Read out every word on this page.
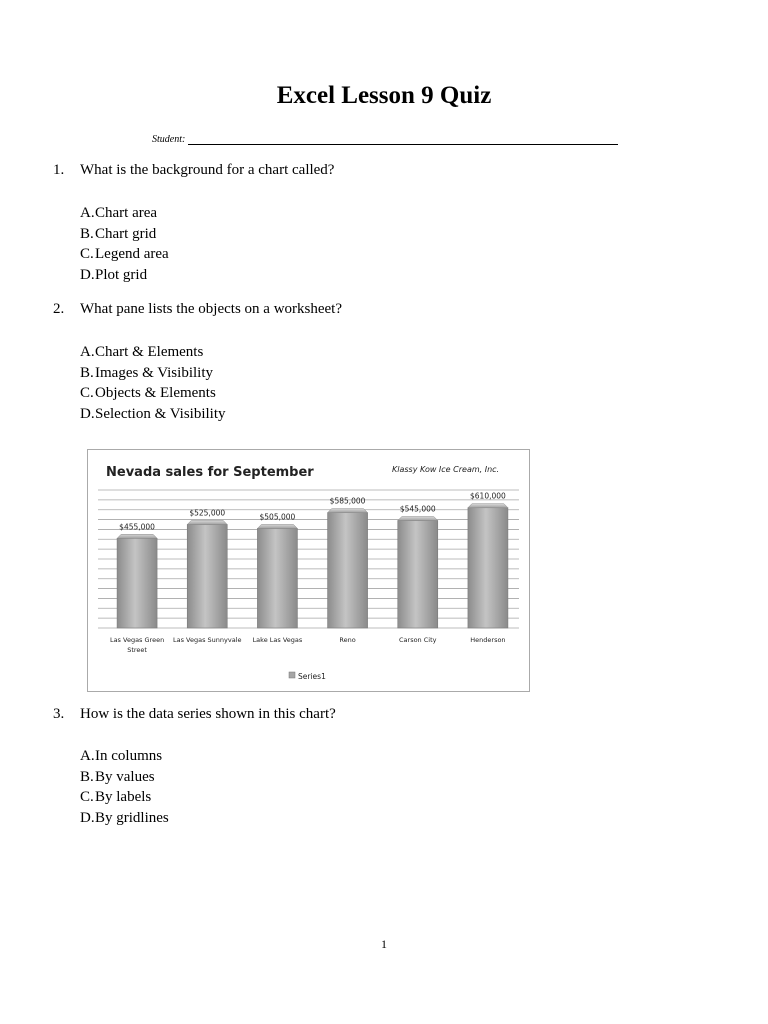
Excel Lesson 9 Quiz
Student:
1. What is the background for a chart called?
A.Chart area
B.Chart grid
C.Legend area
D.Plot grid
2. What pane lists the objects on a worksheet?
A.Chart & Elements
B.Images & Visibility
C.Objects & Elements
D.Selection & Visibility
Nevada sales for September	Klassy Kow Ice Cream, Inc.
$455,000
Las Vegas Green
Street
$525,000
Las Vegas Sunnyvale
$505,000
Lake Las Vegas
$585,000
Reno
$545,000
Carson City
$610,000
Henderson
Series1
3. How is the data series shown in this chart?
A.In columns
B.By values
C.By labels
D.By gridlines
1
